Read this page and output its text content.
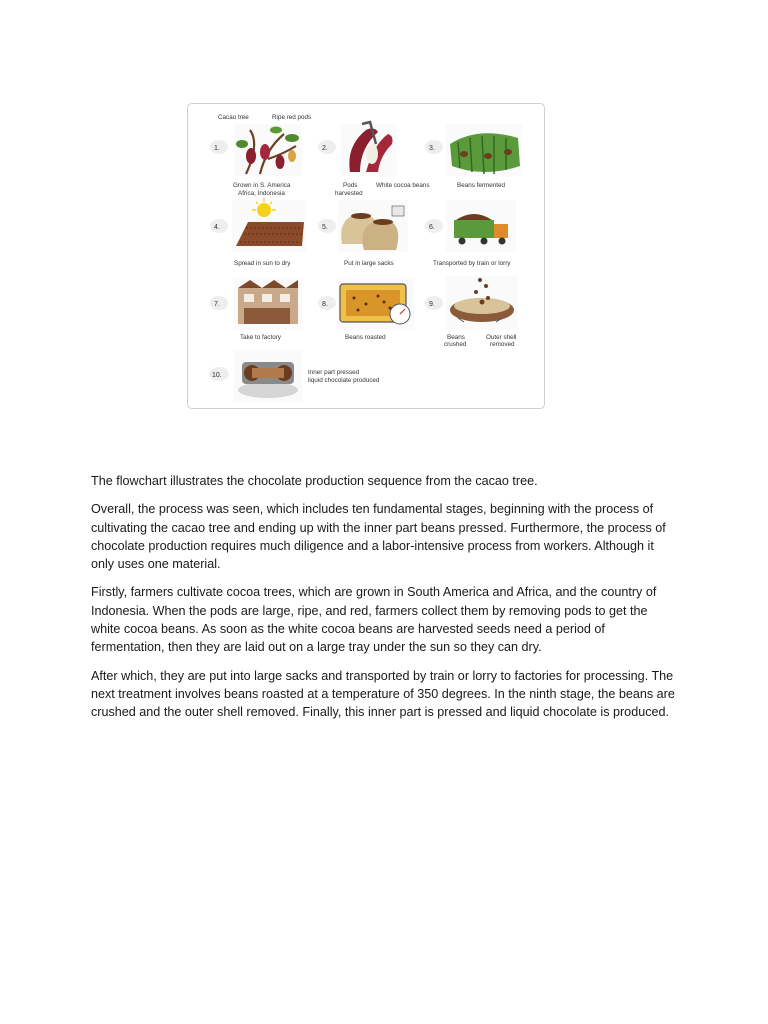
Cacao tree	Ripe red pods
1.
Grown in S. America
Africa, Indonesia
2.
Pods
harvested
White cocoa beans
3.
Beans fermented
4.
Spread in sun to dry
5.
Put in large sacks
6.
Transported by train or lorry
7.
Take to factory
8.
Beans roasted
9.
Beans
crushed
Outer shell
removed
10.	Inner part pressed
liquid chocolate produced

The flowchart illustrates the chocolate production sequence from the cacao tree.

Overall, the process was seen, which includes ten fundamental stages, beginning with the process of cultivating the cacao tree and ending up with the inner part beans pressed. Furthermore, the process of chocolate production requires much diligence and a labor-intensive process from workers. Although it only uses one material.

Firstly, farmers cultivate cocoa trees, which are grown in South America and Africa, and the country of Indonesia. When the pods are large, ripe, and red, farmers collect them by removing pods to get the white cocoa beans. As soon as the white cocoa beans are harvested seeds need a period of fermentation, then they are laid out on a large tray under the sun so they can dry.

After which, they are put into large sacks and transported by train or lorry to factories for processing. The next treatment involves beans roasted at a temperature of 350 degrees. In the ninth stage, the beans are crushed and the outer shell removed. Finally, this inner part is pressed and liquid chocolate is produced.
